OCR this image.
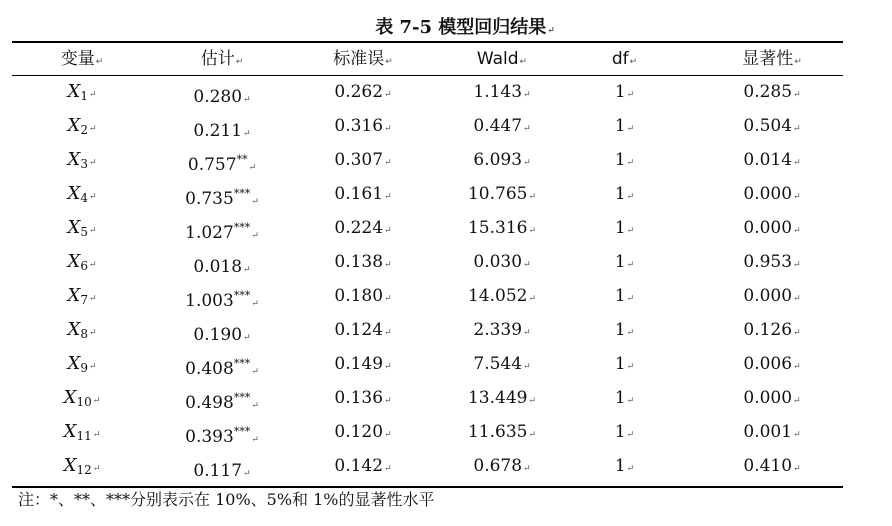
表 7-5 模型回归结果↵
变量↵	估计↵	标准误↵	Wald↵	df↵	显著性↵
$X_1↵$	0.280↵	0.262↵	1.143↵	1↵	0.285↵
$X_2↵$	0.211↵	0.316↵	0.447↵	1↵	0.504↵
$X_3↵$	0.757**↵	0.307↵	6.093↵	1↵	0.014↵
$X_4↵$	0.735***↵	0.161↵	10.765↵	1↵	0.000↵
$X_5↵$	1.027***↵	0.224↵	15.316↵	1↵	0.000↵
$X_6↵$	0.018↵	0.138↵	0.030↵	1↵	0.953↵
$X_7↵$	1.003***↵	0.180↵	14.052↵	1↵	0.000↵
$X_8↵$	0.190↵	0.124↵	2.339↵	1↵	0.126↵
$X_9↵$	0.408***↵	0.149↵	7.544↵	1↵	0.006↵
$X_{10}↵$	0.498***↵	0.136↵	13.449↵	1↵	0.000↵
$X_{11}↵$	0.393***↵	0.120↵	11.635↵	1↵	0.001↵
$X_{12}↵$	0.117↵	0.142↵	0.678↵	1↵	0.410↵
注：*、**、***分别表示在 10%、5%和 1%的显著性水平
